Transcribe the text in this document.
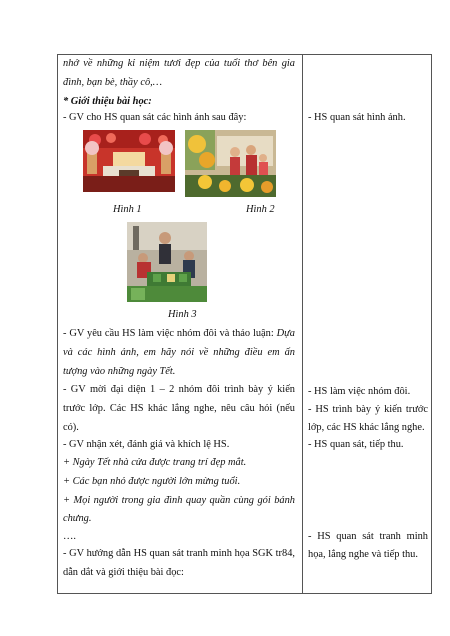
nhớ về những kỉ niệm tươi đẹp của tuổi thơ bên gia
đình, bạn bè, thầy cô,…
* Giới thiệu bài học:
- GV cho HS quan sát các hình ảnh sau đây:
Hình 1	Hình 2
Hình 3
- GV yêu cầu HS làm việc nhóm đôi và thảo luận: Dựa
và các hình ảnh, em hãy nói về những điều em ấn
tượng vào những ngày Tết.
- GV mời đại diện 1 – 2 nhóm đôi trình bày ý kiến
trước lớp. Các HS khác lắng nghe, nêu câu hỏi (nếu
có).
- GV nhận xét, đánh giá và khích lệ HS.
+ Ngày Tết nhà cửa được trang trí đẹp mắt.
+ Các bạn nhỏ được người lớn mừng tuổi.
+ Mọi người trong gia đình quay quần cùng gói bánh
chưng.
….
- GV hướng dẫn HS quan sát tranh minh họa SGK tr84,
dẫn dắt và giới thiệu bài đọc:
- HS quan sát hình ảnh.
- HS làm việc nhóm đôi.
- HS trình bày ý kiến trước
lớp, các HS khác lắng nghe.
- HS quan sát, tiếp thu.
- HS quan sát tranh minh
họa, lắng nghe và tiếp thu.
